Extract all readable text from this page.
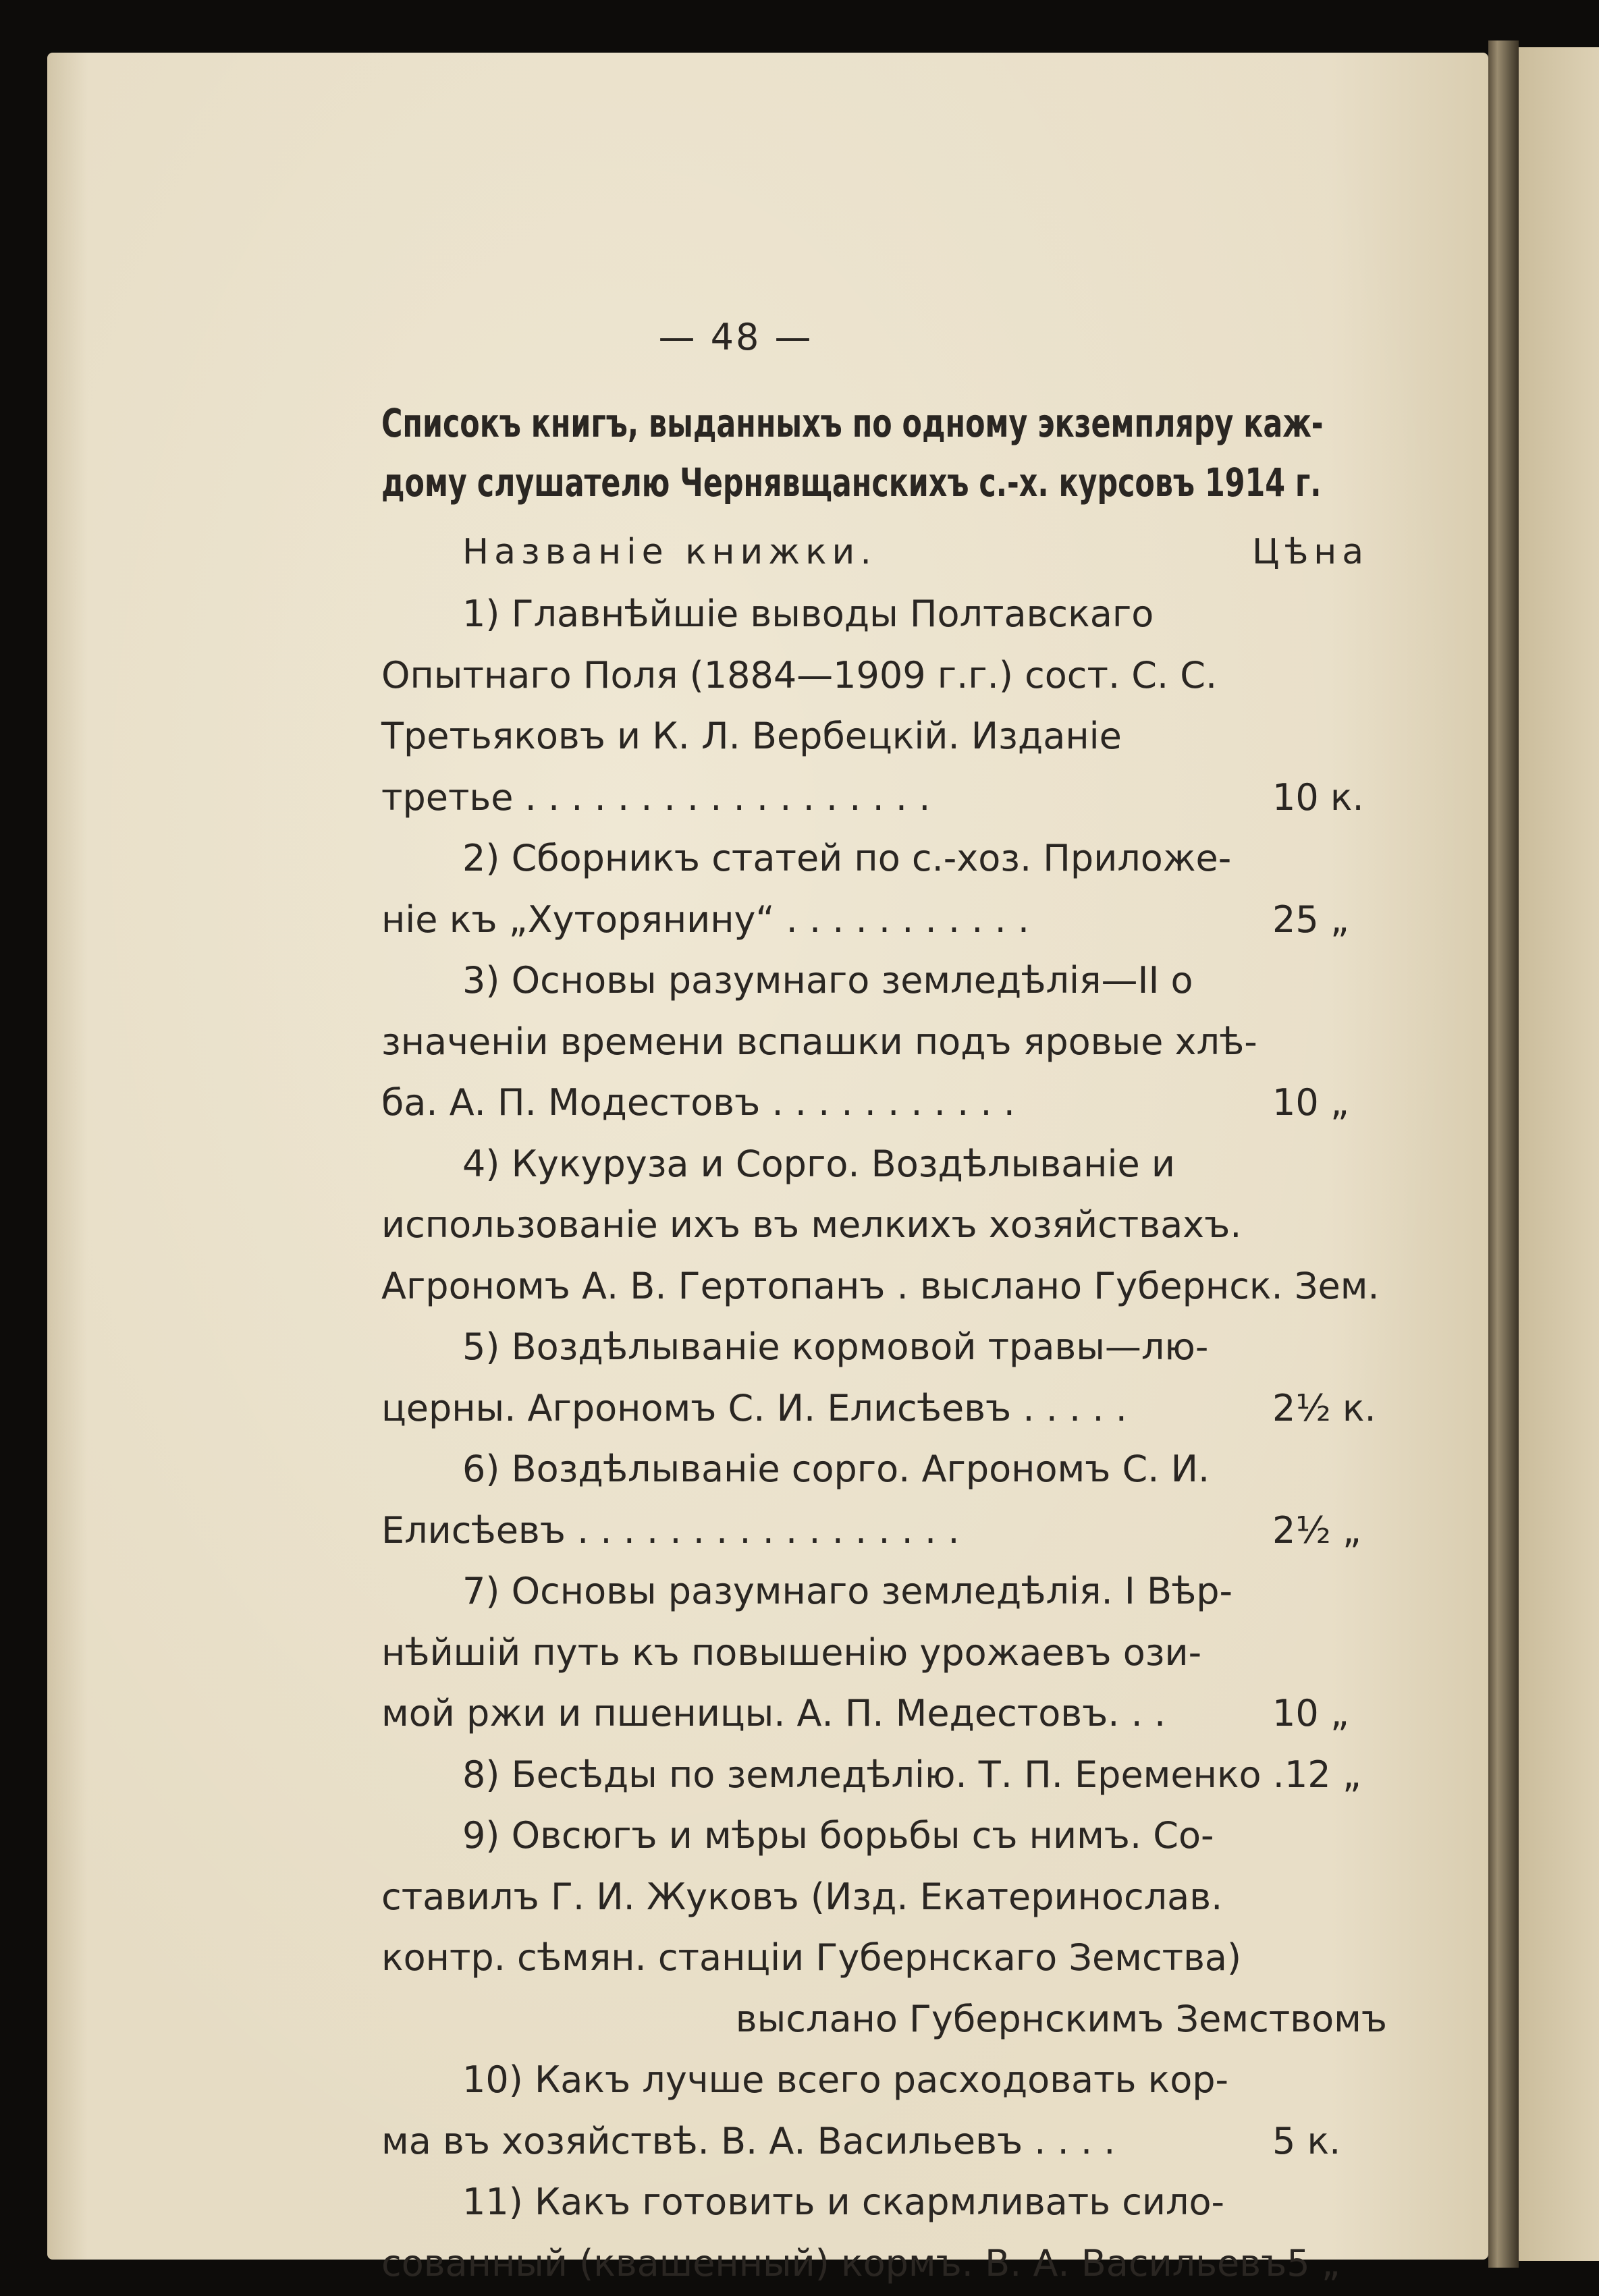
— 48 —
Списокъ книгъ, выданныхъ по одному экземпляру каж-
дому слушателю Чернявщанскихъ с.-х. курсовъ 1914 г.
Названіе книжки.	Цѣна
1) Главнѣйшіе выводы Полтавскаго
Опытнаго Поля (1884—1909 г.г.) сост. С. С.
Третьяковъ и К. Л. Вербецкій. Изданіе
третье . . . . . . . . . . . . . . . . . .	10 к.
2) Сборникъ статей по с.-хоз. Приложе-
ніе къ „Хуторянину“ . . . . . . . . . . .	25 „
3) Основы разумнаго земледѣлія—II о
значеніи времени вспашки подъ яровые хлѣ-
ба. А. П. Модестовъ . . . . . . . . . . .	10 „
4) Кукуруза и Сорго. Воздѣлываніе и
использованіе ихъ въ мелкихъ хозяйствахъ.
Агрономъ А. В. Гертопанъ . выслано Губернск. Зем.
5) Воздѣлываніе кормовой травы—лю-
церны. Агрономъ С. И. Елисѣевъ . . . . .	2½ к.
6) Воздѣлываніе сорго. Агрономъ С. И.
Елисѣевъ . . . . . . . . . . . . . . . . .	2½ „
7) Основы разумнаго земледѣлія. I Вѣр-
нѣйшій путь къ повышенію урожаевъ ози-
мой ржи и пшеницы. А. П. Медестовъ. . .	10 „
8) Бесѣды по земледѣлію. Т. П. Еременко . 12 „
9) Овсюгъ и мѣры борьбы съ нимъ. Со-
ставилъ Г. И. Жуковъ (Изд. Екатеринослав.
контр. сѣмян. станціи Губернскаго Земства)
выслано Губернскимъ Земствомъ
10) Какъ лучше всего расходовать кор-
ма въ хозяйствѣ. В. А. Васильевъ . . . .	5 к.
11) Какъ готовить и скармливать сило-
сованный (квашенный) кормъ. В. А. Васильевъ 5 „
